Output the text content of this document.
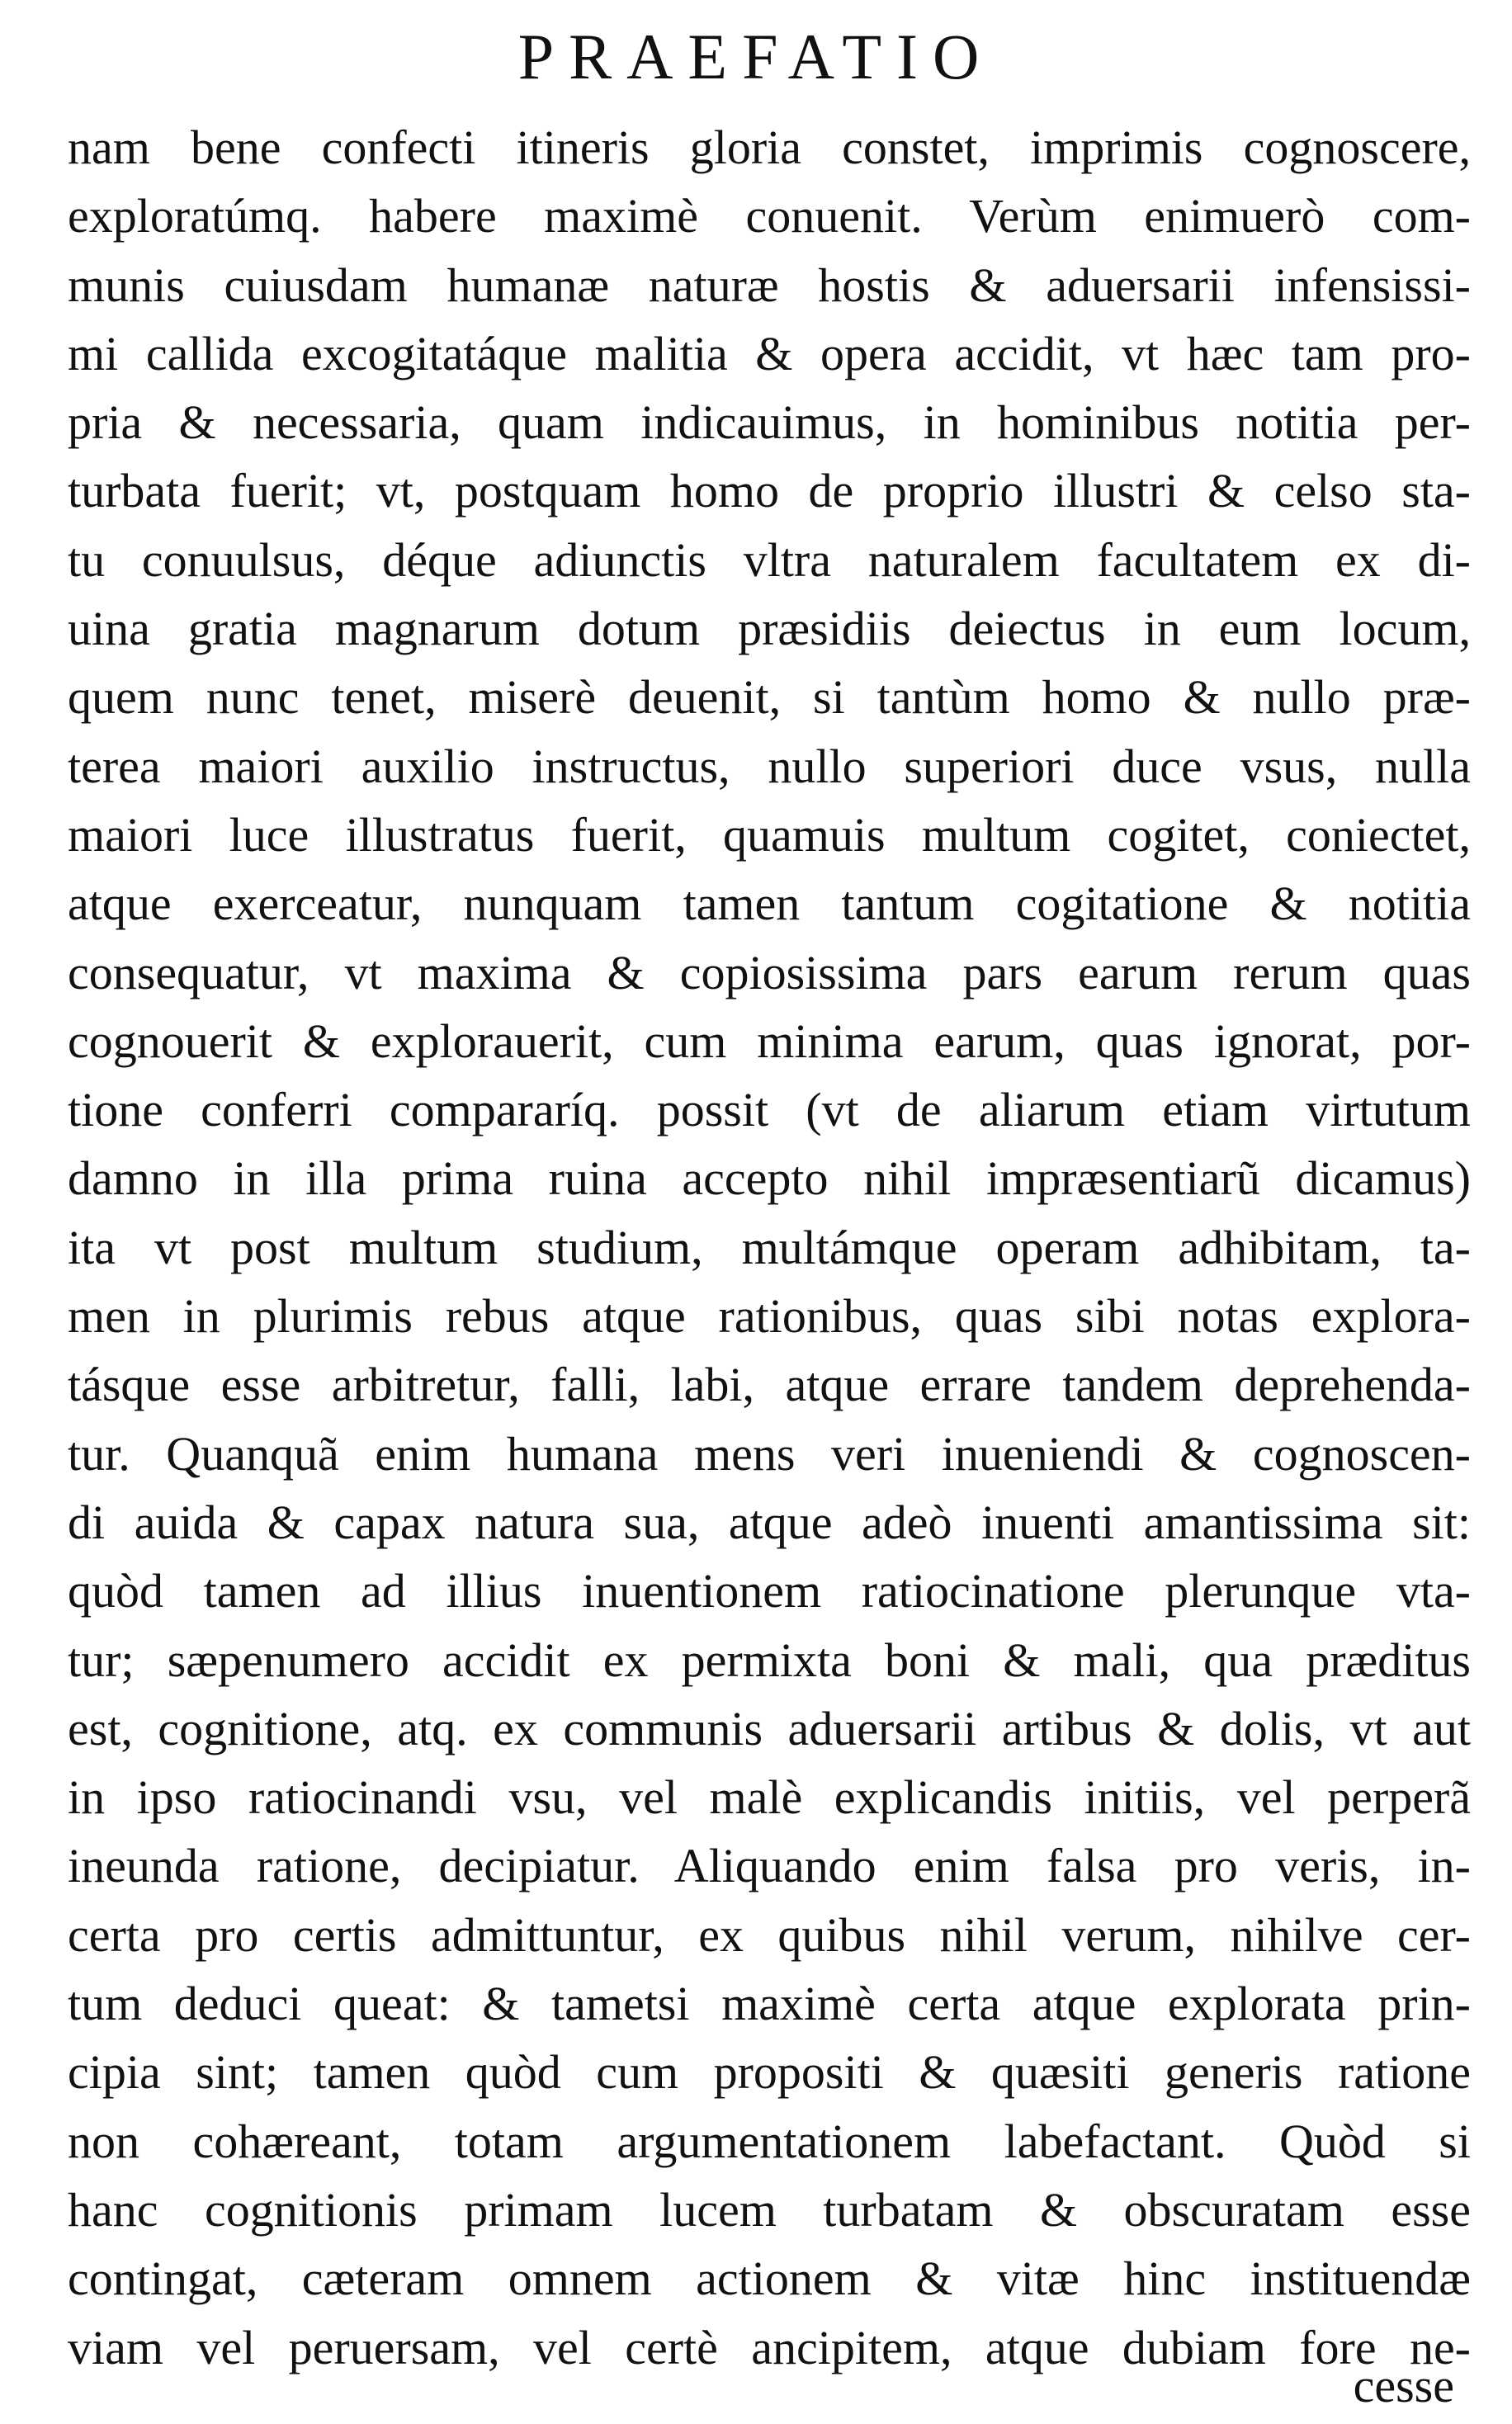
PRAEFATIO
nam bene confecti itineris gloria constet, imprimis cognoscere,
exploratúmq. habere maximè conuenit. Verùm enimuerò com-
munis cuiusdam humanæ naturæ hostis & aduersarii infensissi-
mi callida excogitatáque malitia & opera accidit, vt hæc tam pro-
pria & necessaria, quam indicauimus, in hominibus notitia per-
turbata fuerit; vt, postquam homo de proprio illustri & celso sta-
tu conuulsus, déque adiunctis vltra naturalem facultatem ex di-
uina gratia magnarum dotum præsidiis deiectus in eum locum,
quem nunc tenet, miserè deuenit, si tantùm homo & nullo præ-
terea maiori auxilio instructus, nullo superiori duce vsus, nulla
maiori luce illustratus fuerit, quamuis multum cogitet, coniectet,
atque exerceatur, nunquam tamen tantum cogitatione & notitia
consequatur, vt maxima & copiosissima pars earum rerum quas
cognouerit & explorauerit, cum minima earum, quas ignorat, por-
tione conferri compararíq. possit (vt de aliarum etiam virtutum
damno in illa prima ruina accepto nihil impræsentiarũ dicamus)
ita vt post multum studium, multámque operam adhibitam, ta-
men in plurimis rebus atque rationibus, quas sibi notas explora-
tásque esse arbitretur, falli, labi, atque errare tandem deprehenda-
tur. Quanquã enim humana mens veri inueniendi & cognoscen-
di auida & capax natura sua, atque adeò inuenti amantissima sit:
quòd tamen ad illius inuentionem ratiocinatione plerunque vta-
tur; sæpenumero accidit ex permixta boni & mali, qua præditus
est, cognitione, atq. ex communis aduersarii artibus & dolis, vt aut
in ipso ratiocinandi vsu, vel malè explicandis initiis, vel perperã
ineunda ratione, decipiatur. Aliquando enim falsa pro veris, in-
certa pro certis admittuntur, ex quibus nihil verum, nihilve cer-
tum deduci queat: & tametsi maximè certa atque explorata prin-
cipia sint; tamen quòd cum propositi & quæsiti generis ratione
non cohæreant, totam argumentationem labefactant. Quòd si
hanc cognitionis primam lucem turbatam & obscuratam esse
contingat, cæteram omnem actionem & vitæ hinc instituendæ
viam vel peruersam, vel certè ancipitem, atque dubiam fore ne-
cesse
